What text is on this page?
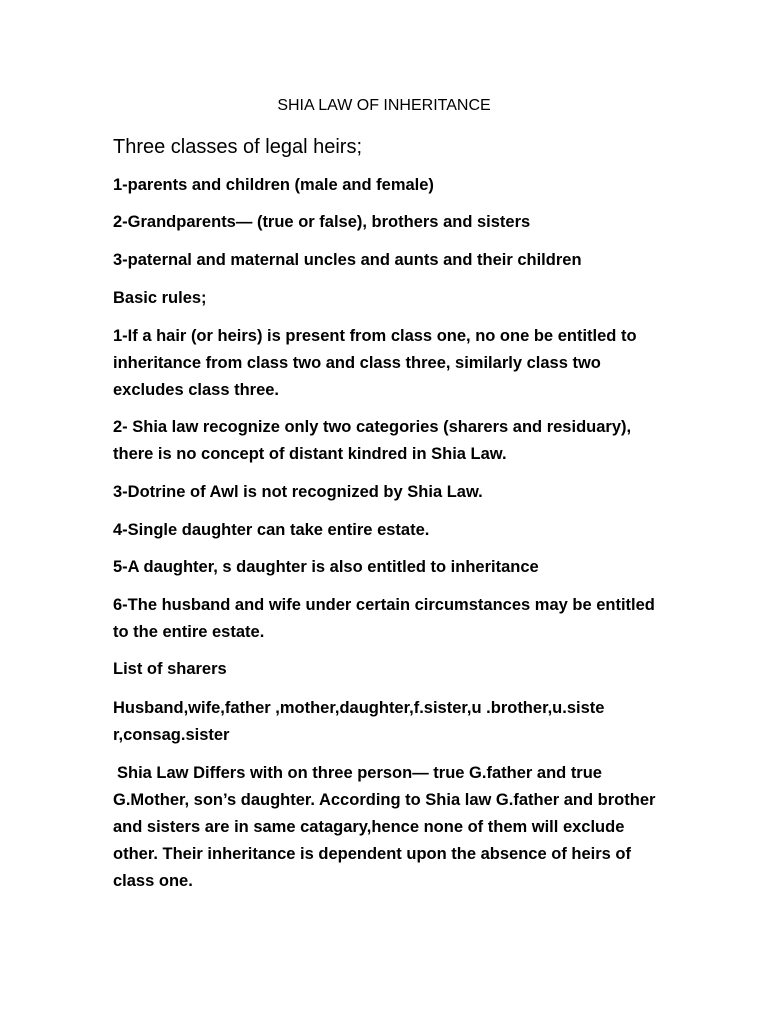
SHIA LAW OF INHERITANCE
Three classes of legal heirs;

1-parents and children (male and female)

2-Grandparents— (true or false), brothers and sisters

3-paternal and maternal uncles and aunts and their children

Basic rules;

1-If a hair (or heirs) is present from class one, no one be entitled to inheritance from class two and class three, similarly class two excludes class three.

2- Shia law recognize only two categories (sharers and residuary), there is no concept of distant kindred in Shia Law.

3-Dotrine of Awl is not recognized by Shia Law.

4-Single daughter can take entire estate.

5-A daughter, s daughter is also entitled to inheritance

6-The husband and wife under certain circumstances may be entitled to the entire estate.

List of sharers

Husband,wife,father ,mother,daughter,f.sister,u .brother,u.siste

r,consag.sister

Shia Law Differs with on three person— true G.father and true G.Mother, son’s daughter. According to Shia law G.father and brother and sisters are in same catagary,hence none of them will exclude other. Their inheritance is dependent upon the absence of heirs of class one.
